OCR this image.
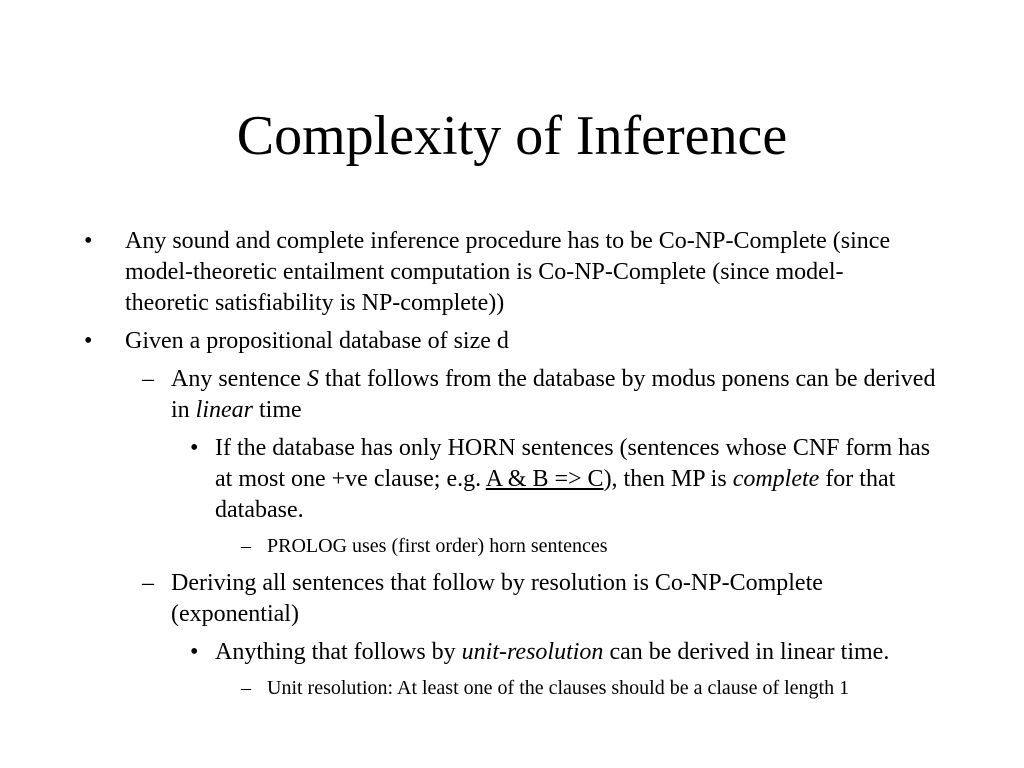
Complexity of Inference
• Any sound and complete inference procedure has to be Co-NP-Complete (since model-theoretic entailment computation is Co-NP-Complete (since model-theoretic satisfiability is NP-complete))
• Given a propositional database of size d
– Any sentence S that follows from the database by modus ponens can be derived in linear time
• If the database has only HORN sentences (sentences whose CNF form has at most one +ve clause; e.g. A & B => C), then MP is complete for that database.
– PROLOG uses (first order) horn sentences
– Deriving all sentences that follow by resolution is Co-NP-Complete (exponential)
• Anything that follows by unit-resolution can be derived in linear time.
– Unit resolution: At least one of the clauses should be a clause of length 1
